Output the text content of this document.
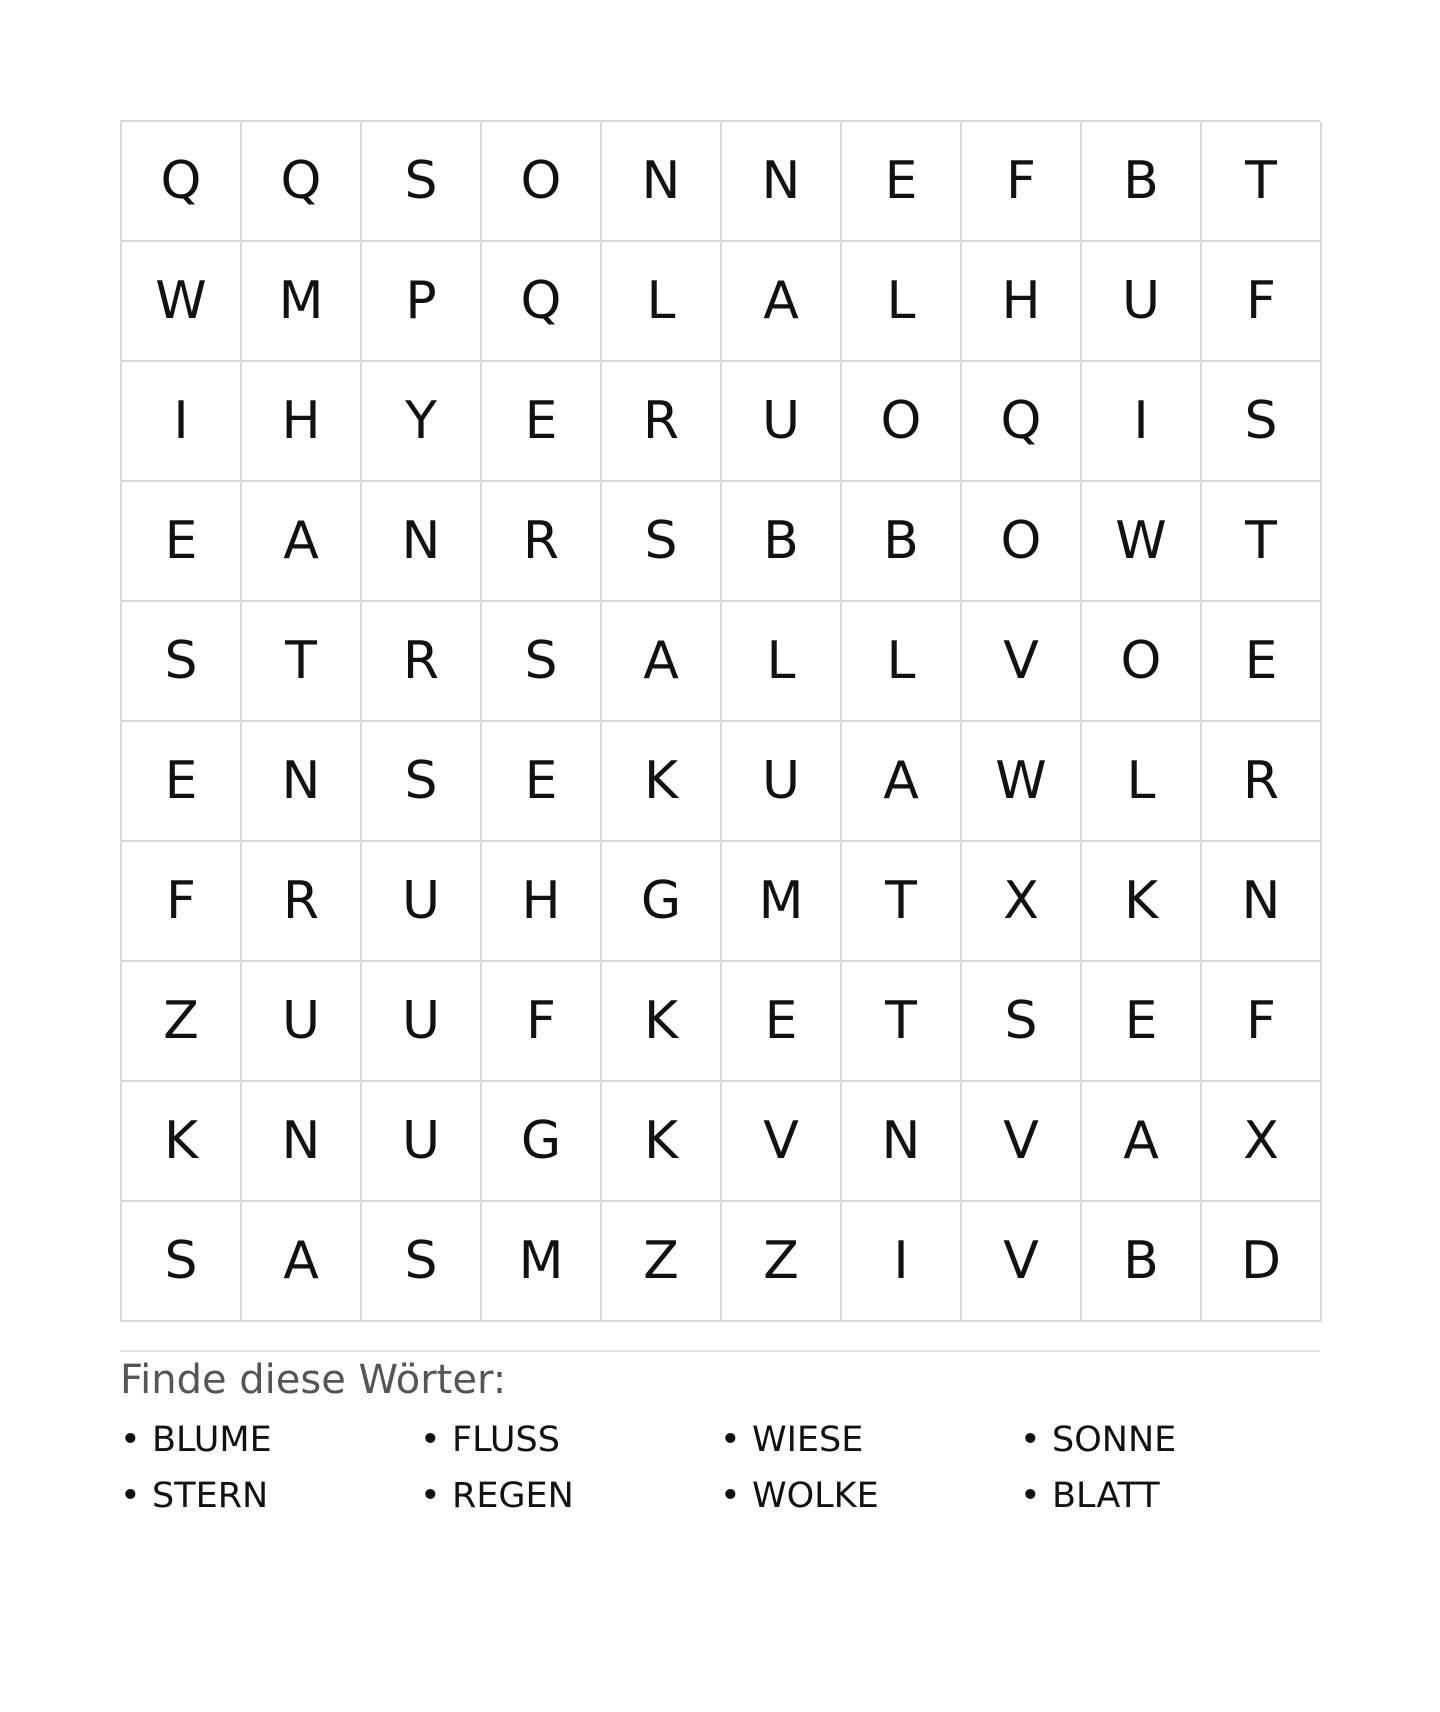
Q	Q	S	O	N	N	E	F	B	T
W	M	P	Q	L	A	L	H	U	F
I	H	Y	E	R	U	O	Q	I	S
E	A	N	R	S	B	B	O	W	T
S	T	R	S	A	L	L	V	O	E
E	N	S	E	K	U	A	W	L	R
F	R	U	H	G	M	T	X	K	N
Z	U	U	F	K	E	T	S	E	F
K	N	U	G	K	V	N	V	A	X
S	A	S	M	Z	Z	I	V	B	D
Finde diese Wörter:
• BLUME	• FLUSS	• WIESE	• SONNE
• STERN	• REGEN	• WOLKE	• BLATT
